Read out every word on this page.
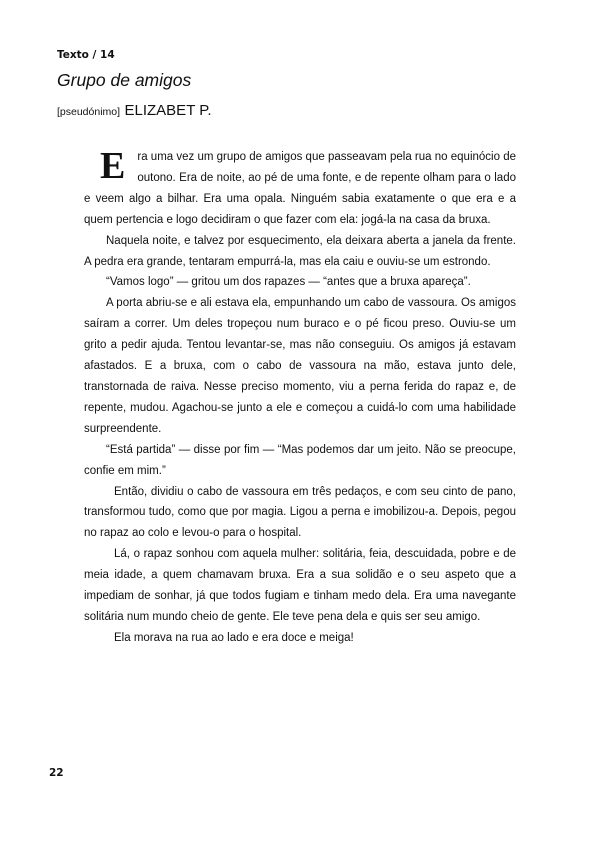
Texto / 14
Grupo de amigos
[pseudónimo] ELIZABET P.

E ra uma vez um grupo de amigos que passeavam pela rua no equinócio de outono. Era de noite, ao pé de uma fonte, e de repente olham para o lado e veem algo a bilhar. Era uma opala. Ninguém sabia exatamente o que era e a quem pertencia e logo decidiram o que fazer com ela: jogá-la na casa da bruxa.

Naquela noite, e talvez por esquecimento, ela deixara aberta a janela da frente. A pedra era grande, tentaram empurrá-la, mas ela caiu e ouviu-se um estrondo.

“Vamos logo” — gritou um dos rapazes — “antes que a bruxa apareça”.

A porta abriu-se e ali estava ela, empunhando um cabo de vassoura. Os amigos saíram a correr. Um deles tropeçou num buraco e o pé ficou preso. Ouviu-se um grito a pedir ajuda. Tentou levantar-se, mas não conseguiu. Os amigos já estavam afastados. E a bruxa, com o cabo de vassoura na mão, estava junto dele, transtornada de raiva. Nesse preciso momento, viu a perna ferida do rapaz e, de repente, mudou. Agachou-se junto a ele e começou a cuidá-lo com uma habilidade surpreendente.

“Está partida” — disse por fim — “Mas podemos dar um jeito. Não se preocupe, confie em mim.”

Então, dividiu o cabo de vassoura em três pedaços, e com seu cinto de pano, transformou tudo, como que por magia. Ligou a perna e imobilizou-a. Depois, pegou no rapaz ao colo e levou-o para o hospital.

Lá, o rapaz sonhou com aquela mulher: solitária, feia, descuidada, pobre e de meia idade, a quem chamavam bruxa. Era a sua solidão e o seu aspeto que a impediam de sonhar, já que todos fugiam e tinham medo dela. Era uma navegante solitária num mundo cheio de gente. Ele teve pena dela e quis ser seu amigo.

Ela morava na rua ao lado e era doce e meiga!

22
